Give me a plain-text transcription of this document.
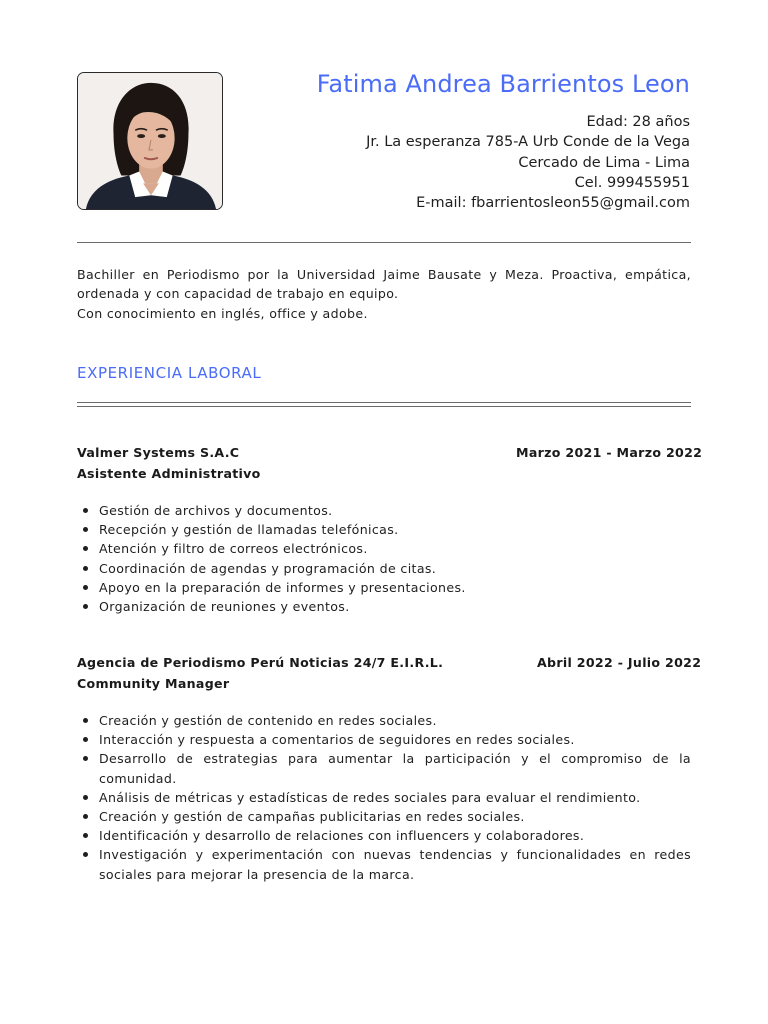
Fatima Andrea Barrientos Leon
Edad: 28 años
Jr. La esperanza 785-A Urb Conde de la Vega
Cercado de Lima - Lima
Cel. 999455951
E-mail: fbarrientosleon55@gmail.com

Bachiller en Periodismo por la Universidad Jaime Bausate y Meza. Proactiva, empática, ordenada y con capacidad de trabajo en equipo.

Con conocimiento en inglés, office y adobe.

EXPERIENCIA LABORAL
Valmer Systems S.A.C	Marzo 2021 - Marzo 2022
Asistente Administrativo
Gestión de archivos y documentos.
Recepción y gestión de llamadas telefónicas.
Atención y filtro de correos electrónicos.
Coordinación de agendas y programación de citas.
Apoyo en la preparación de informes y presentaciones.
Organización de reuniones y eventos.
Agencia de Periodismo Perú Noticias 24/7 E.I.R.L.	Abril 2022 - Julio 2022
Community Manager
Creación y gestión de contenido en redes sociales.
Interacción y respuesta a comentarios de seguidores en redes sociales.
Desarrollo de estrategias para aumentar la participación y el compromiso de la comunidad.
Análisis de métricas y estadísticas de redes sociales para evaluar el rendimiento.
Creación y gestión de campañas publicitarias en redes sociales.
Identificación y desarrollo de relaciones con influencers y colaboradores.
Investigación y experimentación con nuevas tendencias y funcionalidades en redes sociales para mejorar la presencia de la marca.
